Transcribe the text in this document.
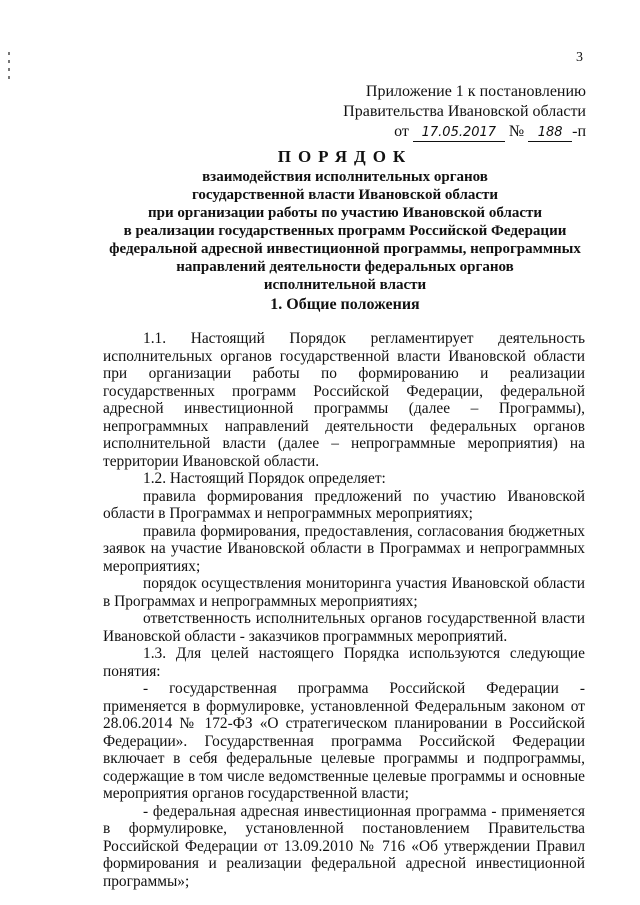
3
Приложение 1 к постановлению
Правительства Ивановской области
от 17.05.2017 № 188 -п
ПОРЯДОК
взаимодействия исполнительных органов
государственной власти Ивановской области
при организации работы по участию Ивановской области
в реализации государственных программ Российской Федерации
федеральной адресной инвестиционной программы, непрограммных
направлений деятельности федеральных органов
исполнительной власти
1. Общие положения

1.1. Настоящий Порядок регламентирует деятельность исполнительных органов государственной власти Ивановской области при организации работы по формированию и реализации государственных программ Российской Федерации, федеральной адресной инвестиционной программы (далее – Программы), непрограммных направлений деятельности федеральных органов исполнительной власти (далее – непрограммные мероприятия) на территории Ивановской области.

1.2. Настоящий Порядок определяет:

правила формирования предложений по участию Ивановской области в Программах и непрограммных мероприятиях;

правила формирования, предоставления, согласования бюджетных заявок на участие Ивановской области в Программах и непрограммных мероприятиях;

порядок осуществления мониторинга участия Ивановской области в Программах и непрограммных мероприятиях;

ответственность исполнительных органов государственной власти Ивановской области - заказчиков программных мероприятий.

1.3. Для целей настоящего Порядка используются следующие понятия:

- государственная программа Российской Федерации - применяется в формулировке, установленной Федеральным законом от 28.06.2014 № 172-ФЗ «О стратегическом планировании в Российской Федерации». Государственная программа Российской Федерации включает в себя федеральные целевые программы и подпрограммы, содержащие в том числе ведомственные целевые программы и основные мероприятия органов государственной власти;

- федеральная адресная инвестиционная программа - применяется в формулировке, установленной постановлением Правительства Российской Федерации от 13.09.2010 № 716 «Об утверждении Правил формирования и реализации федеральной адресной инвестиционной программы»;
